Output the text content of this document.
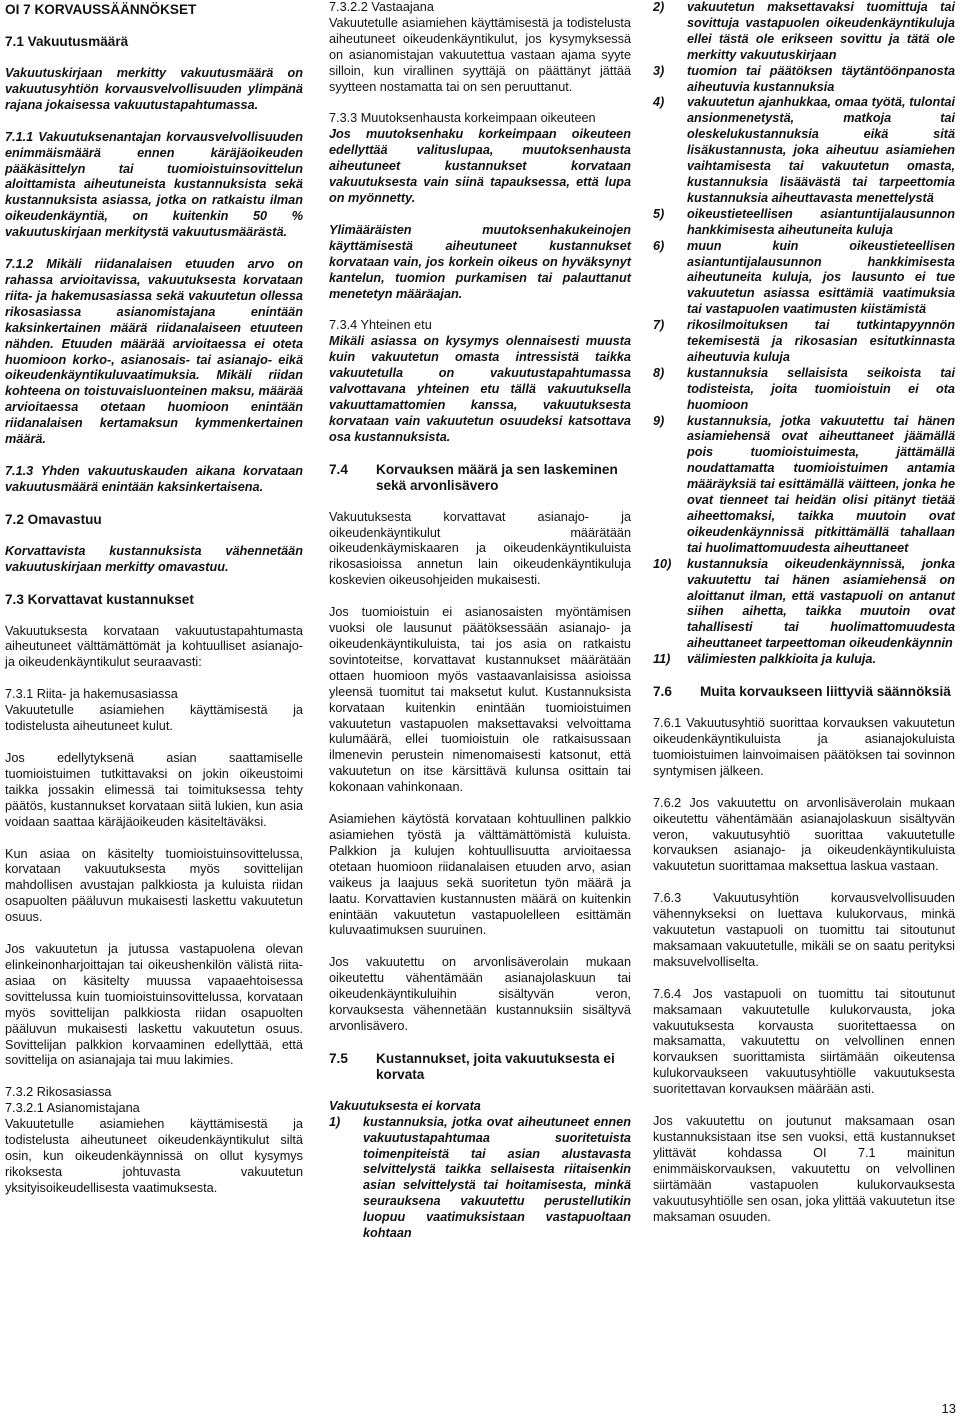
OI 7 KORVAUSSÄÄNNÖKSET
7.1 Vakuutusmäärä
Vakuutuskirjaan merkitty vakuutusmäärä on vakuutusyhtiön korvausvelvollisuuden ylimpänä rajana jokaisessa vakuutustapahtumassa.
7.1.1 Vakuutuksenantajan korvausvelvollisuuden enimmäismäärä ennen käräjäoikeuden pääkäsittelyn tai tuomioistuinsovittelun aloittamista aiheutuneista kustannuksista sekä kustannuksista asiassa, jotka on ratkaistu ilman oikeudenkäyntiä, on kuitenkin 50 % vakuutuskirjaan merkitystä vakuutusmäärästä.
7.1.2 Mikäli riidanalaisen etuuden arvo on rahassa arvioitavissa, vakuutuksesta korvataan riita- ja hakemusasiassa sekä vakuutetun ollessa rikosasiassa asianomistajana enintään kaksinkertainen määrä riidanalaiseen etuuteen nähden. Etuuden määrää arvioitaessa ei oteta huomioon korko-, asianosais- tai asianajo- eikä oikeudenkäyntikuluvaatimuksia. Mikäli riidan kohteena on toistuvaisluonteinen maksu, määrää arvioitaessa otetaan huomioon enintään riidanalaisen kertamaksun kymmenkertainen määrä.
7.1.3 Yhden vakuutuskauden aikana korvataan vakuutusmäärä enintään kaksinkertaisena.
7.2 Omavastuu
Korvattavista kustannuksista vähennetään vakuutuskirjaan merkitty omavastuu.
7.3 Korvattavat kustannukset
Vakuutuksesta korvataan vakuutustapahtumasta aiheutuneet välttämättömät ja kohtuulliset asianajo- ja oikeudenkäyntikulut seuraavasti:
7.3.1 Riita- ja hakemusasiassa
Vakuutetulle asiamiehen käyttämisestä ja todistelusta aiheutuneet kulut.
Jos edellytyksenä asian saattamiselle tuomioistuimen tutkittavaksi on jokin oikeustoimi taikka jossakin elimessä tai toimituksessa tehty päätös, kustannukset korvataan siitä lukien, kun asia voidaan saattaa käräjäoikeuden käsiteltäväksi.
Kun asiaa on käsitelty tuomioistuinsovittelussa, korvataan vakuutuksesta myös sovittelijan mahdollisen avustajan palkkiosta ja kuluista riidan osapuolten pääluvun mukaisesti laskettu vakuutetun osuus.
Jos vakuutetun ja jutussa vastapuolena olevan elinkeinonharjoittajan tai oikeushenkilön välistä riita-asiaa on käsitelty muussa vapaaehtoisessa sovittelussa kuin tuomioistuinsovittelussa, korvataan myös sovittelijan palkkiosta riidan osapuolten pääluvun mukaisesti laskettu vakuutetun osuus. Sovittelijan palkkion korvaaminen edellyttää, että sovittelija on asianajaja tai muu lakimies.
7.3.2 Rikosasiassa
7.3.2.1 Asianomistajana
Vakuutetulle asiamiehen käyttämisestä ja todistelusta aiheutuneet oikeudenkäyntikulut siltä osin, kun oikeudenkäynnissä on ollut kysymys rikoksesta johtuvasta vakuutetun yksityisoikeudellisesta vaatimuksesta.
7.3.2.2 Vastaajana
Vakuutetulle asiamiehen käyttämisestä ja todistelusta aiheutuneet oikeudenkäyntikulut, jos kysymyksessä on asianomistajan vakuutettua vastaan ajama syyte silloin, kun virallinen syyttäjä on päättänyt jättää syytteen nostamatta tai on sen peruuttanut.
7.3.3 Muutoksenhausta korkeimpaan oikeuteen
Jos muutoksenhaku korkeimpaan oikeuteen edellyttää valituslupaa, muutoksenhausta aiheutuneet kustannukset korvataan vakuutuksesta vain siinä tapauksessa, että lupa on myönnetty.
Ylimääräisten muutoksenhakukeinojen käyttämisestä aiheutuneet kustannukset korvataan vain, jos korkein oikeus on hyväksynyt kantelun, tuomion purkamisen tai palauttanut menetetyn määräajan.
7.3.4 Yhteinen etu
Mikäli asiassa on kysymys olennaisesti muusta kuin vakuutetun omasta intressistä taikka vakuutetulla on vakuutustapahtumassa valvottavana yhteinen etu tällä vakuutuksella vakuuttamattomien kanssa, vakuutuksesta korvataan vain vakuutetun osuudeksi katsottava osa kustannuksista.
7.4	Korvauksen määrä ja sen laskeminen sekä arvonlisävero
Vakuutuksesta korvattavat asianajo- ja oikeudenkäyntikulut määrätään oikeudenkäymiskaaren ja oikeudenkäyntikuluista rikosasioissa annetun lain oikeudenkäyntikuluja koskevien oikeusohjeiden mukaisesti.
Jos tuomioistuin ei asianosaisten myöntämisen vuoksi ole lausunut päätöksessään asianajo- ja oikeudenkäyntikuluista, tai jos asia on ratkaistu sovintoteitse, korvattavat kustannukset määrätään ottaen huomioon myös vastaavanlaisissa asioissa yleensä tuomitut tai maksetut kulut. Kustannuksista korvataan kuitenkin enintään tuomioistuimen vakuutetun vastapuolen maksettavaksi velvoittama kulumäärä, ellei tuomioistuin ole ratkaisussaan ilmenevin perustein nimenomaisesti katsonut, että vakuutetun on itse kärsittävä kulunsa osittain tai kokonaan vahinkonaan.
Asiamiehen käytöstä korvataan kohtuullinen palkkio asiamiehen työstä ja välttämättömistä kuluista. Palkkion ja kulujen kohtuullisuutta arvioitaessa otetaan huomioon riidanalaisen etuuden arvo, asian vaikeus ja laajuus sekä suoritetun työn määrä ja laatu. Korvattavien kustannusten määrä on kuitenkin enintään vakuutetun vastapuolelleen esittämän kuluvaatimuksen suuruinen.
Jos vakuutettu on arvonlisäverolain mukaan oikeutettu vähentämään asianajolaskuun tai oikeudenkäyntikuluihin sisältyvän veron, korvauksesta vähennetään kustannuksiin sisältyvä arvonlisävero.
7.5	Kustannukset, joita vakuutuksesta ei korvata
Vakuutuksesta ei korvata
1)	kustannuksia, jotka ovat aiheutuneet ennen vakuutustapahtumaa suoritetuista toimenpiteistä tai asian alustavasta selvittelystä taikka sellaisesta riitaisenkin asian selvittelystä tai hoitamisesta, minkä seurauksena vakuutettu perustellutikin luopuu vaatimuksistaan vastapuoltaan kohtaan
2)	vakuutetun maksettavaksi tuomittuja tai sovittuja vastapuolen oikeudenkäyntikuluja ellei tästä ole erikseen sovittu ja tätä ole merkitty vakuutuskirjaan
3)	tuomion tai päätöksen täytäntöönpanosta aiheutuvia kustannuksia
4)	vakuutetun ajanhukkaa, omaa työtä, tulontai ansionmenetystä, matkoja tai oleskelukustannuksia eikä sitä lisäkustannusta, joka aiheutuu asiamiehen vaihtamisesta tai vakuutetun omasta, kustannuksia lisäävästä tai tarpeettomia kustannuksia aiheuttavasta menettelystä
5)	oikeustieteellisen asiantuntijalausunnon hankkimisesta aiheutuneita kuluja
6)	muun kuin oikeustieteellisen asiantuntijalausunnon hankkimisesta aiheutuneita kuluja, jos lausunto ei tue vakuutetun asiassa esittämiä vaatimuksia tai vastapuolen vaatimusten kiistämistä
7)	rikosilmoituksen tai tutkintapyynnön tekemisestä ja rikosasian esitutkinnasta aiheutuvia kuluja
8)	kustannuksia sellaisista seikoista tai todisteista, joita tuomioistuin ei ota huomioon
9)	kustannuksia, jotka vakuutettu tai hänen asiamiehensä ovat aiheuttaneet jäämällä pois tuomioistuimesta, jättämällä noudattamatta tuomioistuimen antamia määräyksiä tai esittämällä väitteen, jonka he ovat tienneet tai heidän olisi pitänyt tietää aiheettomaksi, taikka muutoin ovat oikeudenkäynnissä pitkittämällä tahallaan tai huolimattomuudesta aiheuttaneet
10)	kustannuksia oikeudenkäynnissä, jonka vakuutettu tai hänen asiamiehensä on aloittanut ilman, että vastapuoli on antanut siihen aihetta, taikka muutoin ovat tahallisesti tai huolimattomuudesta aiheuttaneet tarpeettoman oikeudenkäynnin
11)	välimiesten palkkioita ja kuluja.
7.6	Muita korvaukseen liittyviä säännöksiä
7.6.1 Vakuutusyhtiö suorittaa korvauksen vakuutetun oikeudenkäyntikuluista ja asianajokuluista tuomioistuimen lainvoimaisen päätöksen tai sovinnon syntymisen jälkeen.
7.6.2 Jos vakuutettu on arvonlisäverolain mukaan oikeutettu vähentämään asianajolaskuun sisältyvän veron, vakuutusyhtiö suorittaa vakuutetulle korvauksen asianajo- ja oikeudenkäyntikuluista vakuutetun suorittamaa maksettua laskua vastaan.
7.6.3 Vakuutusyhtiön korvausvelvollisuuden vähennykseksi on luettava kulukorvaus, minkä vakuutetun vastapuoli on tuomittu tai sitoutunut maksamaan vakuutetulle, mikäli se on saatu perityksi maksuvelvolliselta.
7.6.4 Jos vastapuoli on tuomittu tai sitoutunut maksamaan vakuutetulle kulukorvausta, joka vakuutuksesta korvausta suoritettaessa on maksamatta, vakuutettu on velvollinen ennen korvauksen suorittamista siirtämään oikeutensa kulukorvaukseen vakuutusyhtiölle vakuutuksesta suoritettavan korvauksen määrään asti.
Jos vakuutettu on joutunut maksamaan osan kustannuksistaan itse sen vuoksi, että kustannukset ylittävät kohdassa OI 7.1 mainitun enimmäiskorvauksen, vakuutettu on velvollinen siirtämään vastapuolen kulukorvauksesta vakuutusyhtiölle sen osan, joka ylittää vakuutetun itse maksaman osuuden.
13
